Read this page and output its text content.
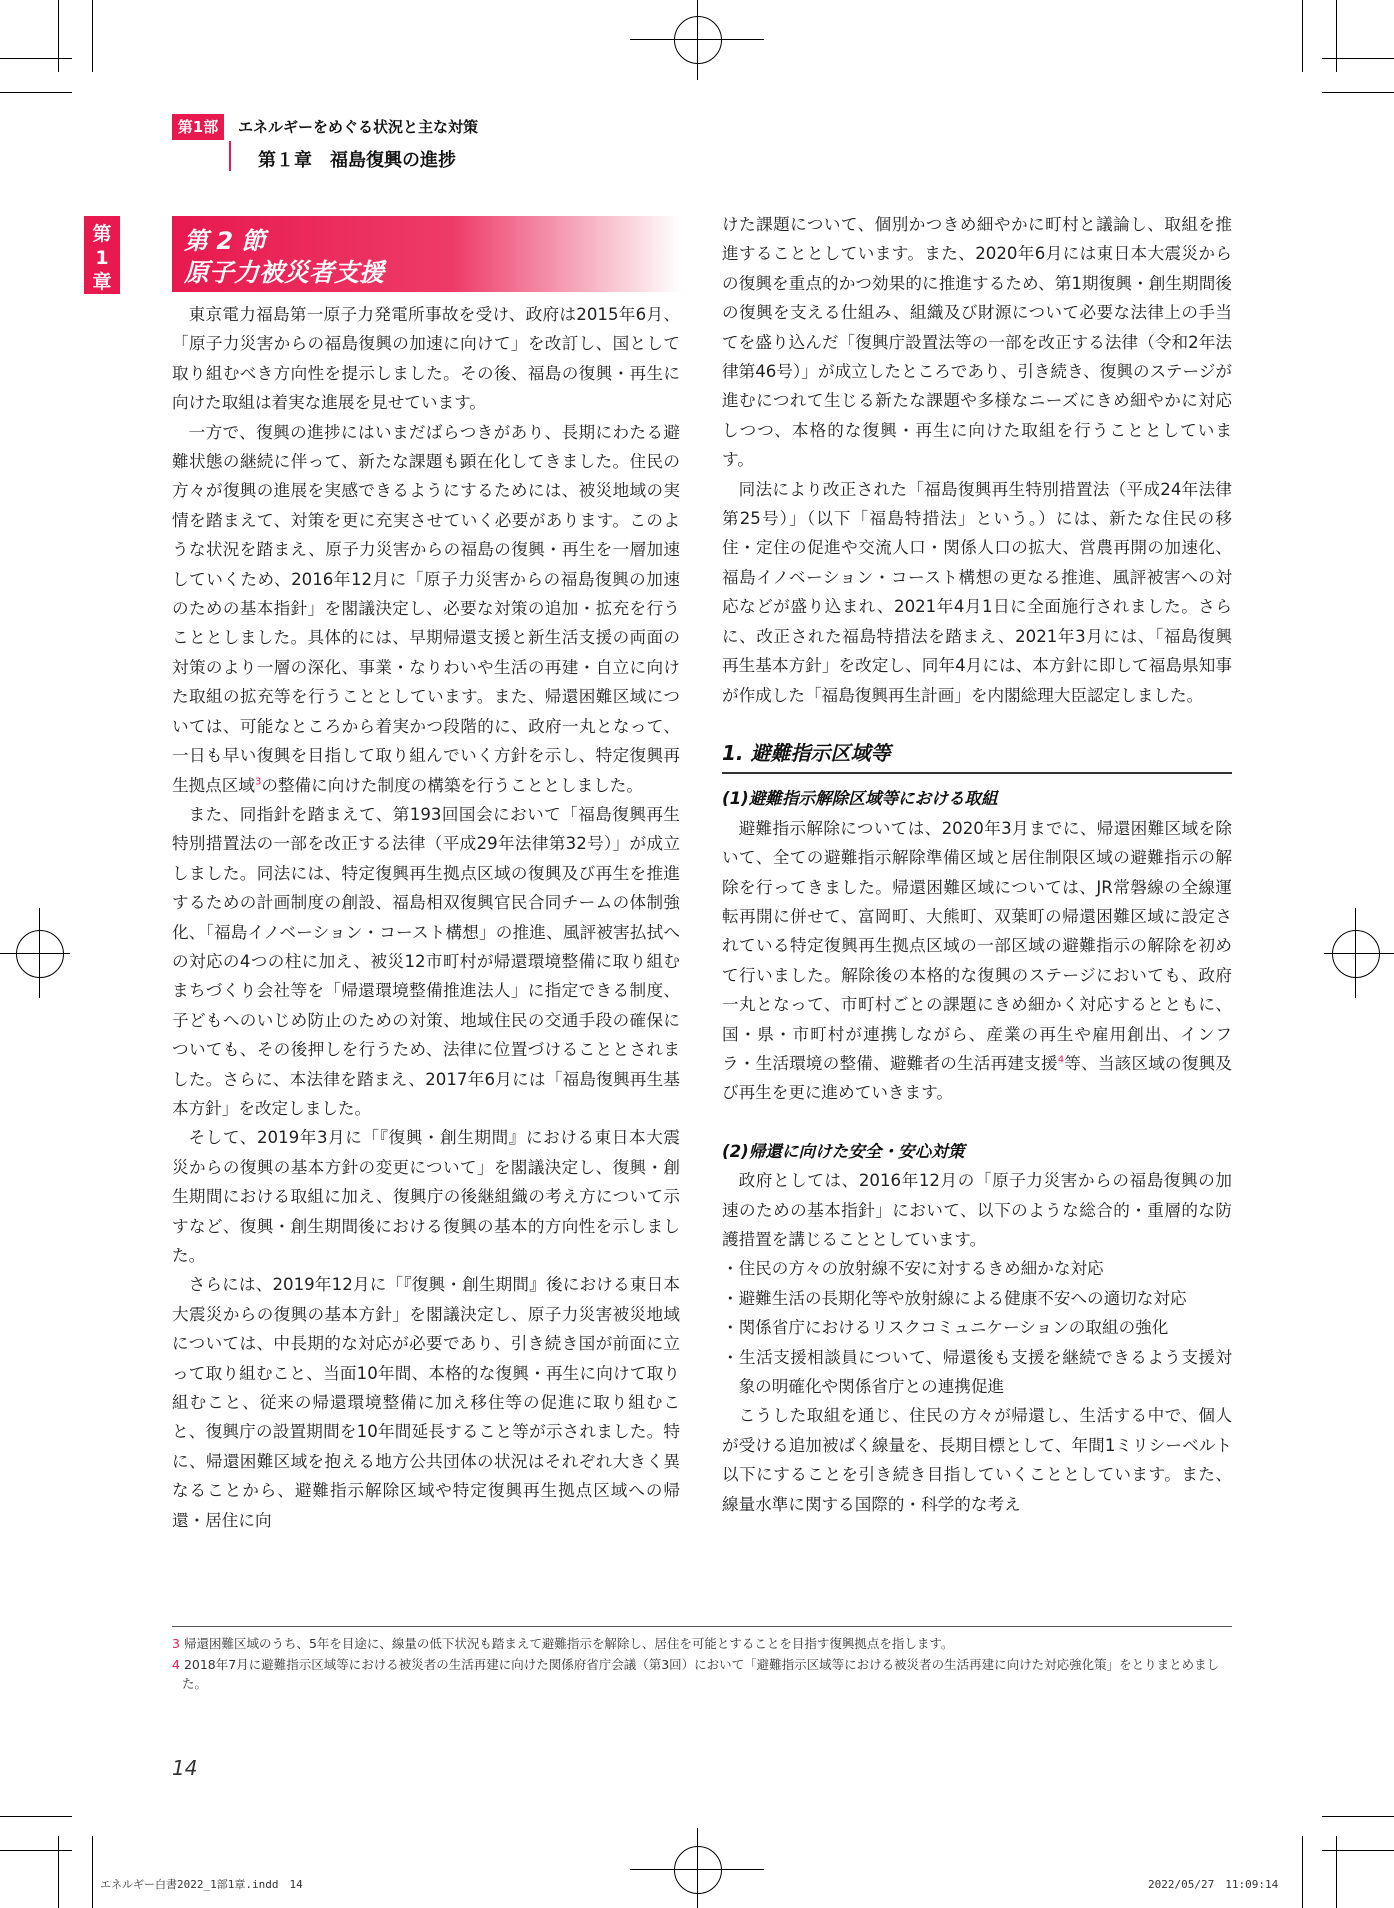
第1部	エネルギーをめぐる状況と主な対策
第１章　福島復興の進捗
第
1
章
第 2 節
原子力被災者支援

東京電力福島第一原子力発電所事故を受け、政府は2015年6月、「原子力災害からの福島復興の加速に向けて」を改訂し、国として取り組むべき方向性を提示しました。その後、福島の復興・再生に向けた取組は着実な進展を見せています。

一方で、復興の進捗にはいまだばらつきがあり、長期にわたる避難状態の継続に伴って、新たな課題も顕在化してきました。住民の方々が復興の進展を実感できるようにするためには、被災地域の実情を踏まえて、対策を更に充実させていく必要があります。このような状況を踏まえ、原子力災害からの福島の復興・再生を一層加速していくため、2016年12月に「原子力災害からの福島復興の加速のための基本指針」を閣議決定し、必要な対策の追加・拡充を行うこととしました。具体的には、早期帰還支援と新生活支援の両面の対策のより一層の深化、事業・なりわいや生活の再建・自立に向けた取組の拡充等を行うこととしています。また、帰還困難区域については、可能なところから着実かつ段階的に、政府一丸となって、一日も早い復興を目指して取り組んでいく方針を示し、特定復興再生拠点区域$^3$の整備に向けた制度の構築を行うこととしました。

また、同指針を踏まえて、第193回国会において「福島復興再生特別措置法の一部を改正する法律（平成29年法律第32号）」が成立しました。同法には、特定復興再生拠点区域の復興及び再生を推進するための計画制度の創設、福島相双復興官民合同チームの体制強化、「福島イノベーション・コースト構想」の推進、風評被害払拭への対応の4つの柱に加え、被災12市町村が帰還環境整備に取り組むまちづくり会社等を「帰還環境整備推進法人」に指定できる制度、子どもへのいじめ防止のための対策、地域住民の交通手段の確保についても、その後押しを行うため、法律に位置づけることとされました。さらに、本法律を踏まえ、2017年6月には「福島復興再生基本方針」を改定しました。

そして、2019年3月に「『復興・創生期間』における東日本大震災からの復興の基本方針の変更について」を閣議決定し、復興・創生期間における取組に加え、復興庁の後継組織の考え方について示すなど、復興・創生期間後における復興の基本的方向性を示しました。

さらには、2019年12月に「『復興・創生期間』後における東日本大震災からの復興の基本方針」を閣議決定し、原子力災害被災地域については、中長期的な対応が必要であり、引き続き国が前面に立って取り組むこと、当面10年間、本格的な復興・再生に向けて取り組むこと、従来の帰還環境整備に加え移住等の促進に取り組むこと、復興庁の設置期間を10年間延長すること等が示されました。特に、帰還困難区域を抱える地方公共団体の状況はそれぞれ大きく異なることから、避難指示解除区域や特定復興再生拠点区域への帰還・居住に向

けた課題について、個別かつきめ細やかに町村と議論し、取組を推進することとしています。また、2020年6月には東日本大震災からの復興を重点的かつ効果的に推進するため、第1期復興・創生期間後の復興を支える仕組み、組織及び財源について必要な法律上の手当てを盛り込んだ「復興庁設置法等の一部を改正する法律（令和2年法律第46号）」が成立したところであり、引き続き、復興のステージが進むにつれて生じる新たな課題や多様なニーズにきめ細やかに対応しつつ、本格的な復興・再生に向けた取組を行うこととしています。

同法により改正された「福島復興再生特別措置法（平成24年法律第25号）」（以下「福島特措法」という。）には、新たな住民の移住・定住の促進や交流人口・関係人口の拡大、営農再開の加速化、福島イノベーション・コースト構想の更なる推進、風評被害への対応などが盛り込まれ、2021年4月1日に全面施行されました。さらに、改正された福島特措法を踏まえ、2021年3月には、「福島復興再生基本方針」を改定し、同年4月には、本方針に即して福島県知事が作成した「福島復興再生計画」を内閣総理大臣認定しました。

1. 避難指示区域等
(1)避難指示解除区域等における取組

避難指示解除については、2020年3月までに、帰還困難区域を除いて、全ての避難指示解除準備区域と居住制限区域の避難指示の解除を行ってきました。帰還困難区域については、JR常磐線の全線運転再開に併せて、富岡町、大熊町、双葉町の帰還困難区域に設定されている特定復興再生拠点区域の一部区域の避難指示の解除を初めて行いました。解除後の本格的な復興のステージにおいても、政府一丸となって、市町村ごとの課題にきめ細かく対応するとともに、国・県・市町村が連携しながら、産業の再生や雇用創出、インフラ・生活環境の整備、避難者の生活再建支援$^4$等、当該区域の復興及び再生を更に進めていきます。

(2)帰還に向けた安全・安心対策

政府としては、2016年12月の「原子力災害からの福島復興の加速のための基本指針」において、以下のような総合的・重層的な防護措置を講じることとしています。

・住民の方々の放射線不安に対するきめ細かな対応
・避難生活の長期化等や放射線による健康不安への適切な対応
・関係省庁におけるリスクコミュニケーションの取組の強化
・生活支援相談員について、帰還後も支援を継続できるよう支援対象の明確化や関係省庁との連携促進

こうした取組を通じ、住民の方々が帰還し、生活する中で、個人が受ける追加被ばく線量を、長期目標として、年間1ミリシーベルト以下にすることを引き続き目指していくこととしています。また、線量水準に関する国際的・科学的な考え

3 帰還困難区域のうち、5年を目途に、線量の低下状況も踏まえて避難指示を解除し、居住を可能とすることを目指す復興拠点を指します。
4 2018年7月に避難指示区域等における被災者の生活再建に向けた関係府省庁会議（第3回）において「避難指示区域等における被災者の生活再建に向けた対応強化策」をとりまとめました。
14
エネルギー白書2022_1部1章.indd　14	2022/05/27　11:09:14
